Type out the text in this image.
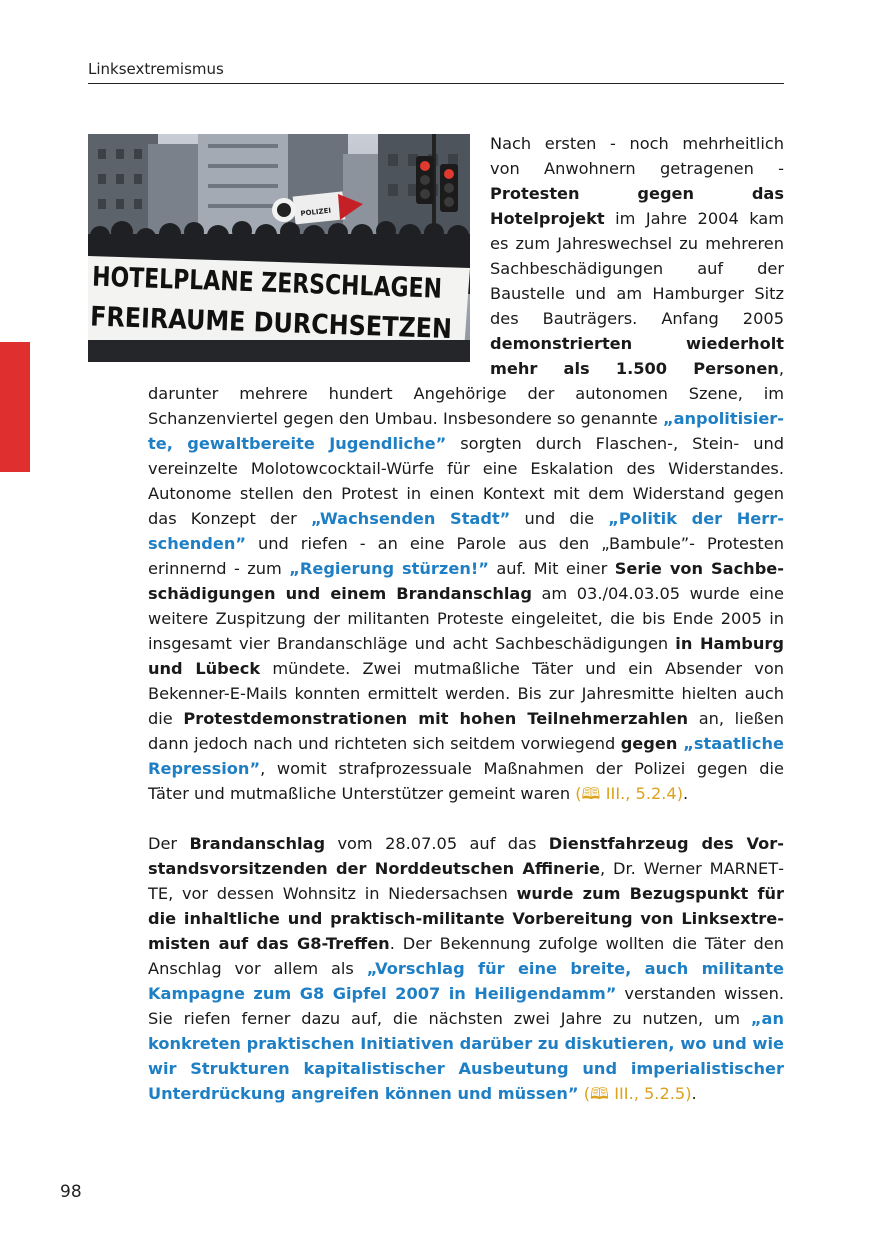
Linksextremismus

POLIZEI
HOTELPLANE ZERSCHLAGEN
FREIRAUME DURCHSETZEN
Nach ersten - noch mehrheitlich von Anwohnern getragenen - Protesten gegen das Hotelprojekt im Jahre 2004 kam es zum Jahreswechsel zu mehreren Sachbeschädigungen auf der Baustelle und am Hamburger Sitz des Bauträgers. Anfang 2005 demonstrierten wiederholt mehr als 1.500 Personen, darunter mehrere hundert Angehörige der autonomen Szene, im Schanzenviertel gegen den Umbau. Insbesondere so genannte „anpolitisierte, gewaltbereite Jugendliche” sorgten durch Flaschen-, Stein- und vereinzelte Molotowcocktail-Würfe für eine Eskalation des Widerstandes. Autonome stellen den Protest in einen Kontext mit dem Widerstand gegen das Konzept der „Wachsenden Stadt” und die „Politik der Herrschenden” und riefen - an eine Parole aus den „Bambule”- Protesten erinnernd - zum „Regierung stürzen!” auf. Mit einer Serie von Sachbeschädigungen und einem Brandanschlag am 03./04.03.05 wurde eine weitere Zuspitzung der militanten Proteste eingeleitet, die bis Ende 2005 in insgesamt vier Brandanschläge und acht Sachbeschädigungen in Hamburg und Lübeck mündete. Zwei mutmaßliche Täter und ein Absender von Bekenner-E-Mails konnten ermittelt werden. Bis zur Jahresmitte hielten auch die Protestdemonstrationen mit hohen Teilnehmerzahlen an, ließen dann jedoch nach und richteten sich seitdem vorwiegend gegen „staatliche Repression”, womit strafprozessuale Maßnahmen der Polizei gegen die Täter und mutmaßliche Unterstützer gemeint waren (🕮 III., 5.2.4).

Der Brandanschlag vom 28.07.05 auf das Dienstfahrzeug des Vorstandsvorsitzenden der Norddeutschen Affinerie, Dr. Werner MARNETTE, vor dessen Wohnsitz in Niedersachsen wurde zum Bezugspunkt für die inhaltliche und praktisch-militante Vorbereitung von Linksextremisten auf das G8-Treffen. Der Bekennung zufolge wollten die Täter den Anschlag vor allem als „Vorschlag für eine breite, auch militante Kampagne zum G8 Gipfel 2007 in Heiligendamm” verstanden wissen. Sie riefen ferner dazu auf, die nächsten zwei Jahre zu nutzen, um „an konkreten praktischen Initiativen darüber zu diskutieren, wo und wie wir Strukturen kapitalistischer Ausbeutung und imperialistischer Unterdrückung angreifen können und müssen” (🕮 III., 5.2.5).

98
